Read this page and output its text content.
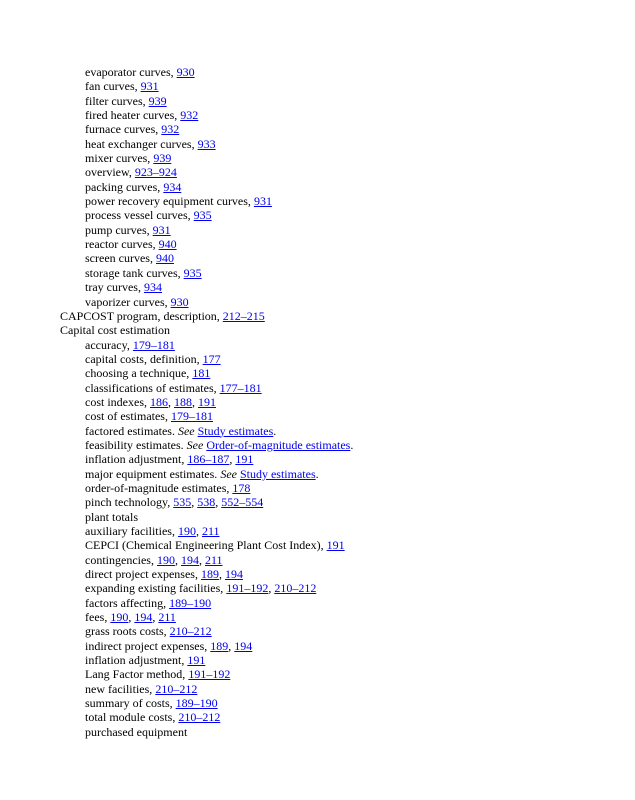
evaporator curves, 930
fan curves, 931
filter curves, 939
fired heater curves, 932
furnace curves, 932
heat exchanger curves, 933
mixer curves, 939
overview, 923–924
packing curves, 934
power recovery equipment curves, 931
process vessel curves, 935
pump curves, 931
reactor curves, 940
screen curves, 940
storage tank curves, 935
tray curves, 934
vaporizer curves, 930
CAPCOST program, description, 212–215
Capital cost estimation
accuracy, 179–181
capital costs, definition, 177
choosing a technique, 181
classifications of estimates, 177–181
cost indexes, 186, 188, 191
cost of estimates, 179–181
factored estimates. See Study estimates.
feasibility estimates. See Order-of-magnitude estimates.
inflation adjustment, 186–187, 191
major equipment estimates. See Study estimates.
order-of-magnitude estimates, 178
pinch technology, 535, 538, 552–554
plant totals
auxiliary facilities, 190, 211
CEPCI (Chemical Engineering Plant Cost Index), 191
contingencies, 190, 194, 211
direct project expenses, 189, 194
expanding existing facilities, 191–192, 210–212
factors affecting, 189–190
fees, 190, 194, 211
grass roots costs, 210–212
indirect project expenses, 189, 194
inflation adjustment, 191
Lang Factor method, 191–192
new facilities, 210–212
summary of costs, 189–190
total module costs, 210–212
purchased equipment
